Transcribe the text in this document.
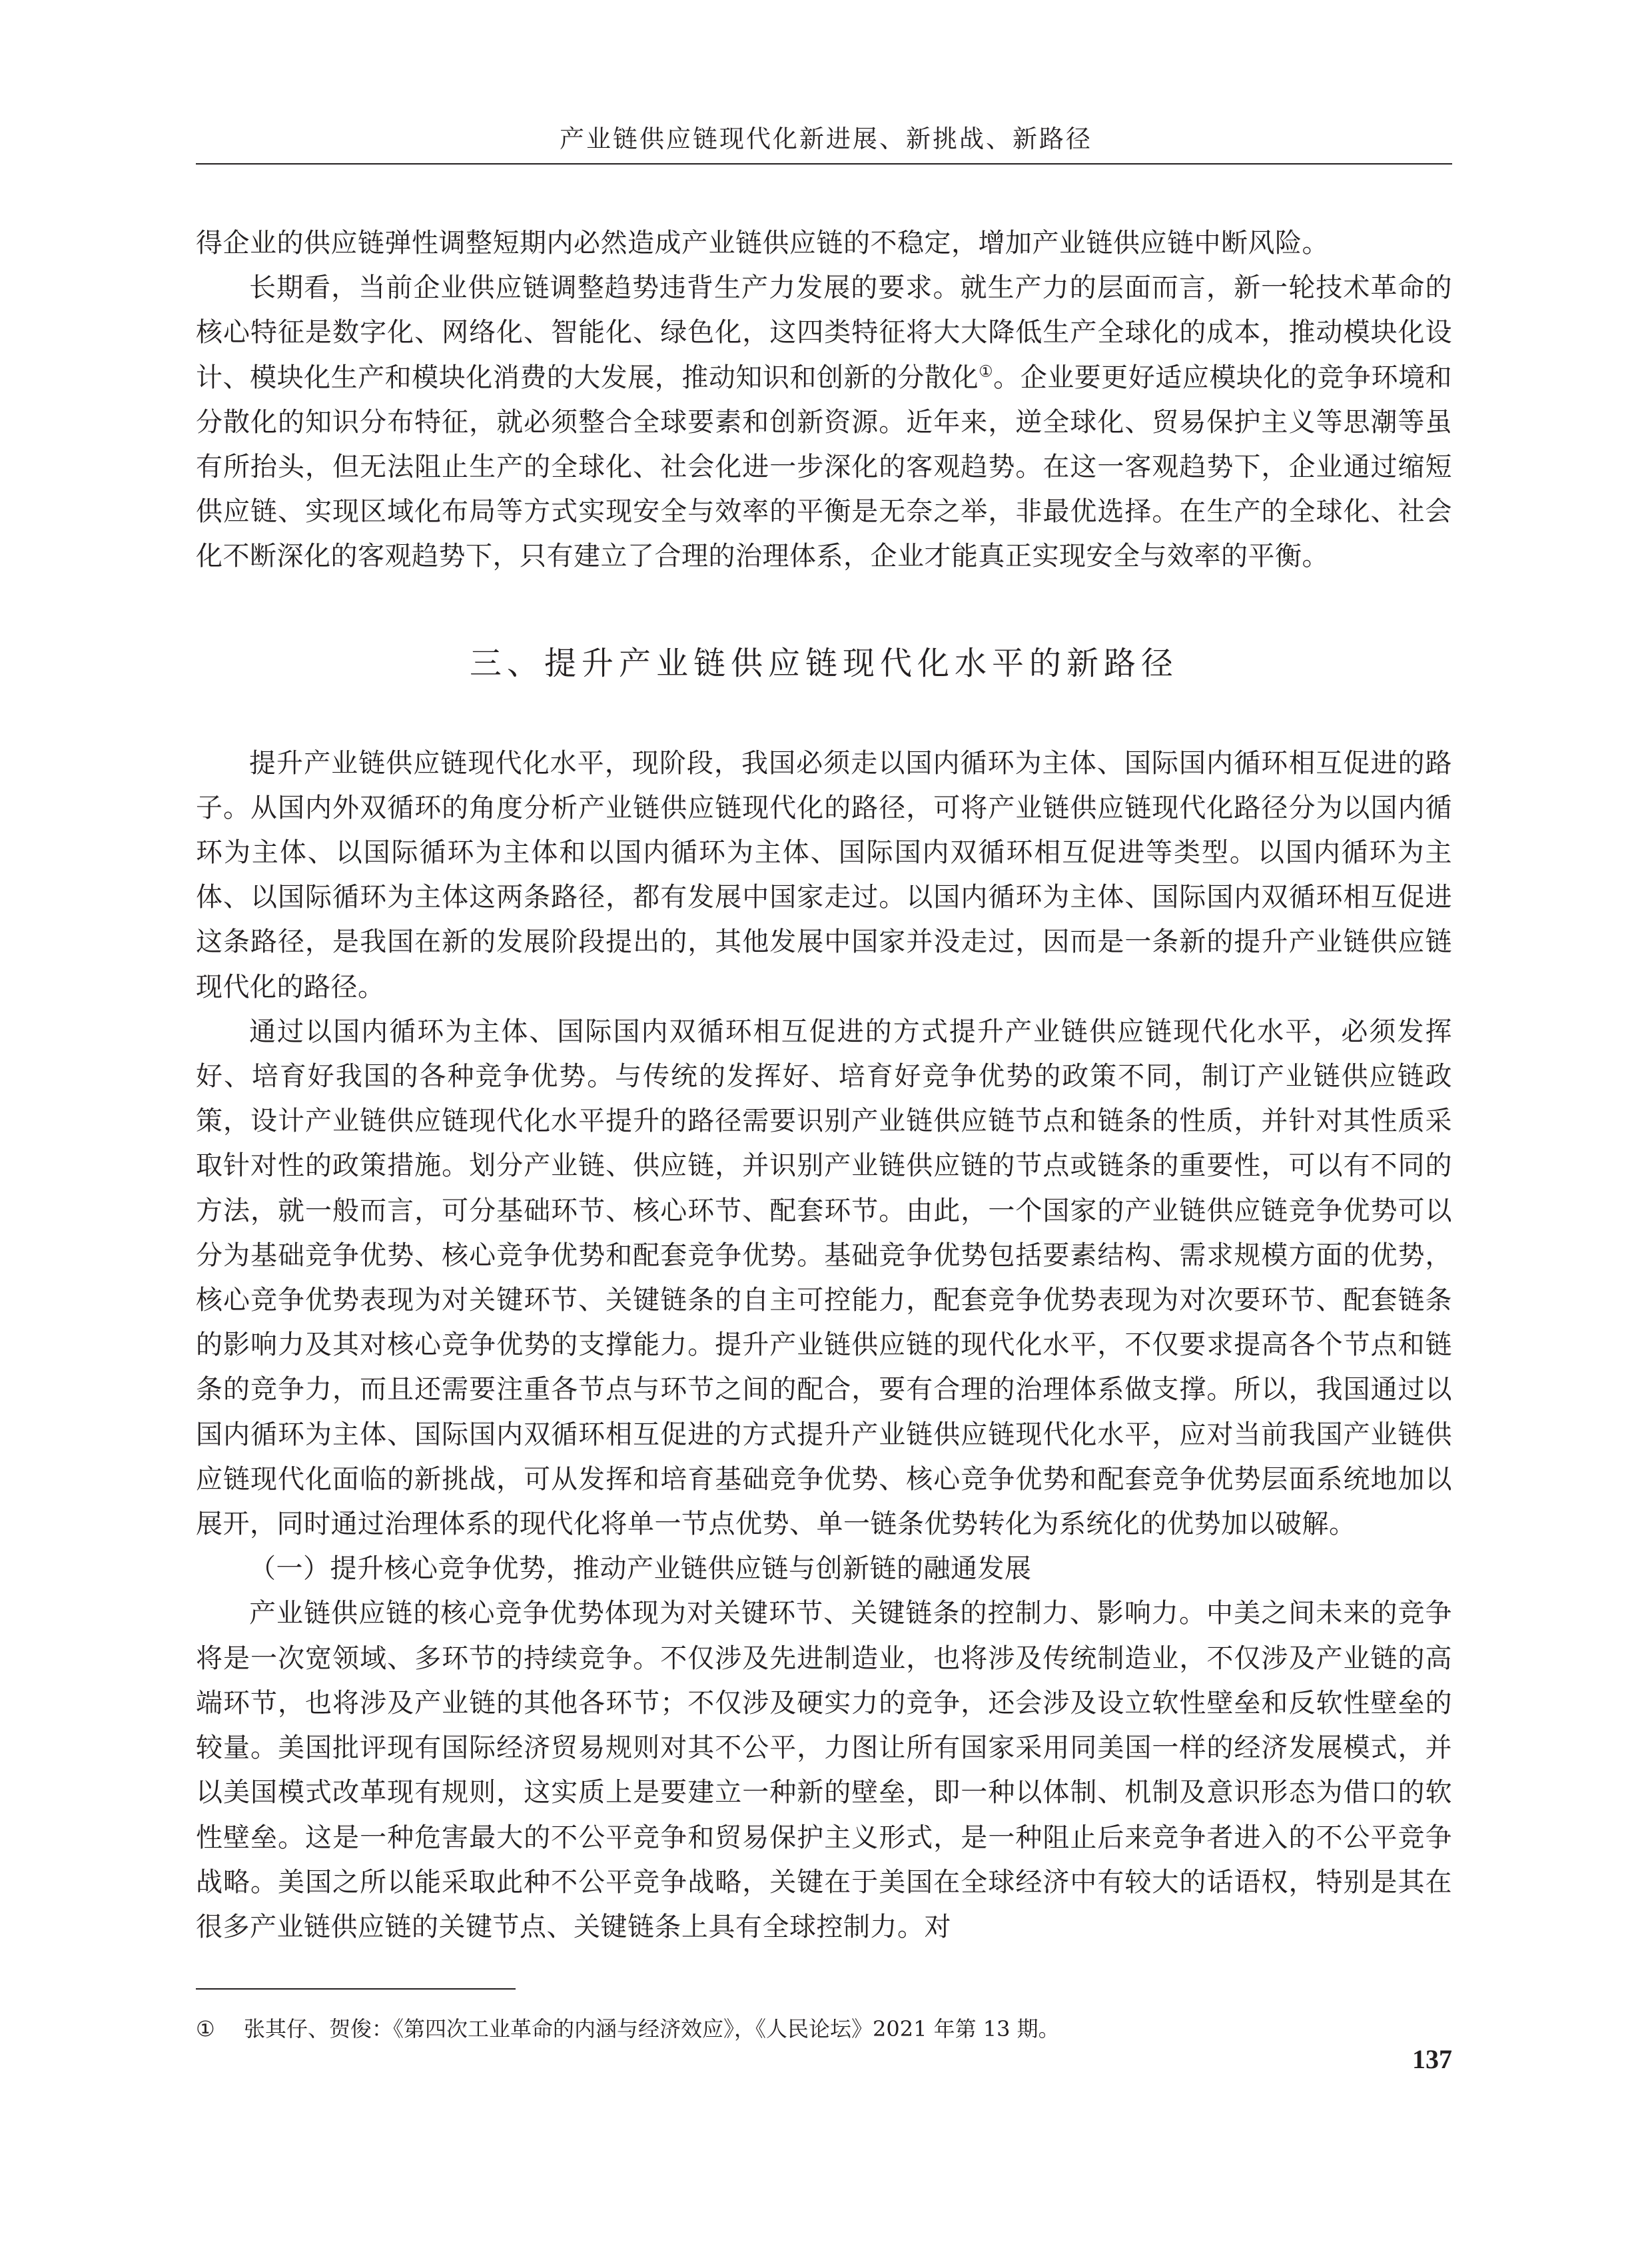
产业链供应链现代化新进展、新挑战、新路径

得企业的供应链弹性调整短期内必然造成产业链供应链的不稳定，增加产业链供应链中断风险。

长期看，当前企业供应链调整趋势违背生产力发展的要求。就生产力的层面而言，新一轮技术革命的核心特征是数字化、网络化、智能化、绿色化，这四类特征将大大降低生产全球化的成本，推动模块化设计、模块化生产和模块化消费的大发展，推动知识和创新的分散化①。企业要更好适应模块化的竞争环境和分散化的知识分布特征，就必须整合全球要素和创新资源。近年来，逆全球化、贸易保护主义等思潮等虽有所抬头，但无法阻止生产的全球化、社会化进一步深化的客观趋势。在这一客观趋势下，企业通过缩短供应链、实现区域化布局等方式实现安全与效率的平衡是无奈之举，非最优选择。在生产的全球化、社会化不断深化的客观趋势下，只有建立了合理的治理体系，企业才能真正实现安全与效率的平衡。

三、提升产业链供应链现代化水平的新路径

提升产业链供应链现代化水平，现阶段，我国必须走以国内循环为主体、国际国内循环相互促进的路子。从国内外双循环的角度分析产业链供应链现代化的路径，可将产业链供应链现代化路径分为以国内循环为主体、以国际循环为主体和以国内循环为主体、国际国内双循环相互促进等类型。以国内循环为主体、以国际循环为主体这两条路径，都有发展中国家走过。以国内循环为主体、国际国内双循环相互促进这条路径，是我国在新的发展阶段提出的，其他发展中国家并没走过，因而是一条新的提升产业链供应链现代化的路径。

通过以国内循环为主体、国际国内双循环相互促进的方式提升产业链供应链现代化水平，必须发挥好、培育好我国的各种竞争优势。与传统的发挥好、培育好竞争优势的政策不同，制订产业链供应链政策，设计产业链供应链现代化水平提升的路径需要识别产业链供应链节点和链条的性质，并针对其性质采取针对性的政策措施。划分产业链、供应链，并识别产业链供应链的节点或链条的重要性，可以有不同的方法，就一般而言，可分基础环节、核心环节、配套环节。由此，一个国家的产业链供应链竞争优势可以分为基础竞争优势、核心竞争优势和配套竞争优势。基础竞争优势包括要素结构、需求规模方面的优势，核心竞争优势表现为对关键环节、关键链条的自主可控能力，配套竞争优势表现为对次要环节、配套链条的影响力及其对核心竞争优势的支撑能力。提升产业链供应链的现代化水平，不仅要求提高各个节点和链条的竞争力，而且还需要注重各节点与环节之间的配合，要有合理的治理体系做支撑。所以，我国通过以国内循环为主体、国际国内双循环相互促进的方式提升产业链供应链现代化水平，应对当前我国产业链供应链现代化面临的新挑战，可从发挥和培育基础竞争优势、核心竞争优势和配套竞争优势层面系统地加以展开，同时通过治理体系的现代化将单一节点优势、单一链条优势转化为系统化的优势加以破解。

（一）提升核心竞争优势，推动产业链供应链与创新链的融通发展

产业链供应链的核心竞争优势体现为对关键环节、关键链条的控制力、影响力。中美之间未来的竞争将是一次宽领域、多环节的持续竞争。不仅涉及先进制造业，也将涉及传统制造业，不仅涉及产业链的高端环节，也将涉及产业链的其他各环节；不仅涉及硬实力的竞争，还会涉及设立软性壁垒和反软性壁垒的较量。美国批评现有国际经济贸易规则对其不公平，力图让所有国家采用同美国一样的经济发展模式，并以美国模式改革现有规则，这实质上是要建立一种新的壁垒，即一种以体制、机制及意识形态为借口的软性壁垒。这是一种危害最大的不公平竞争和贸易保护主义形式，是一种阻止后来竞争者进入的不公平竞争战略。美国之所以能采取此种不公平竞争战略，关键在于美国在全球经济中有较大的话语权，特别是其在很多产业链供应链的关键节点、关键链条上具有全球控制力。对

① 张其仔、贺俊：《第四次工业革命的内涵与经济效应》，《人民论坛》2021 年第 13 期。
137
